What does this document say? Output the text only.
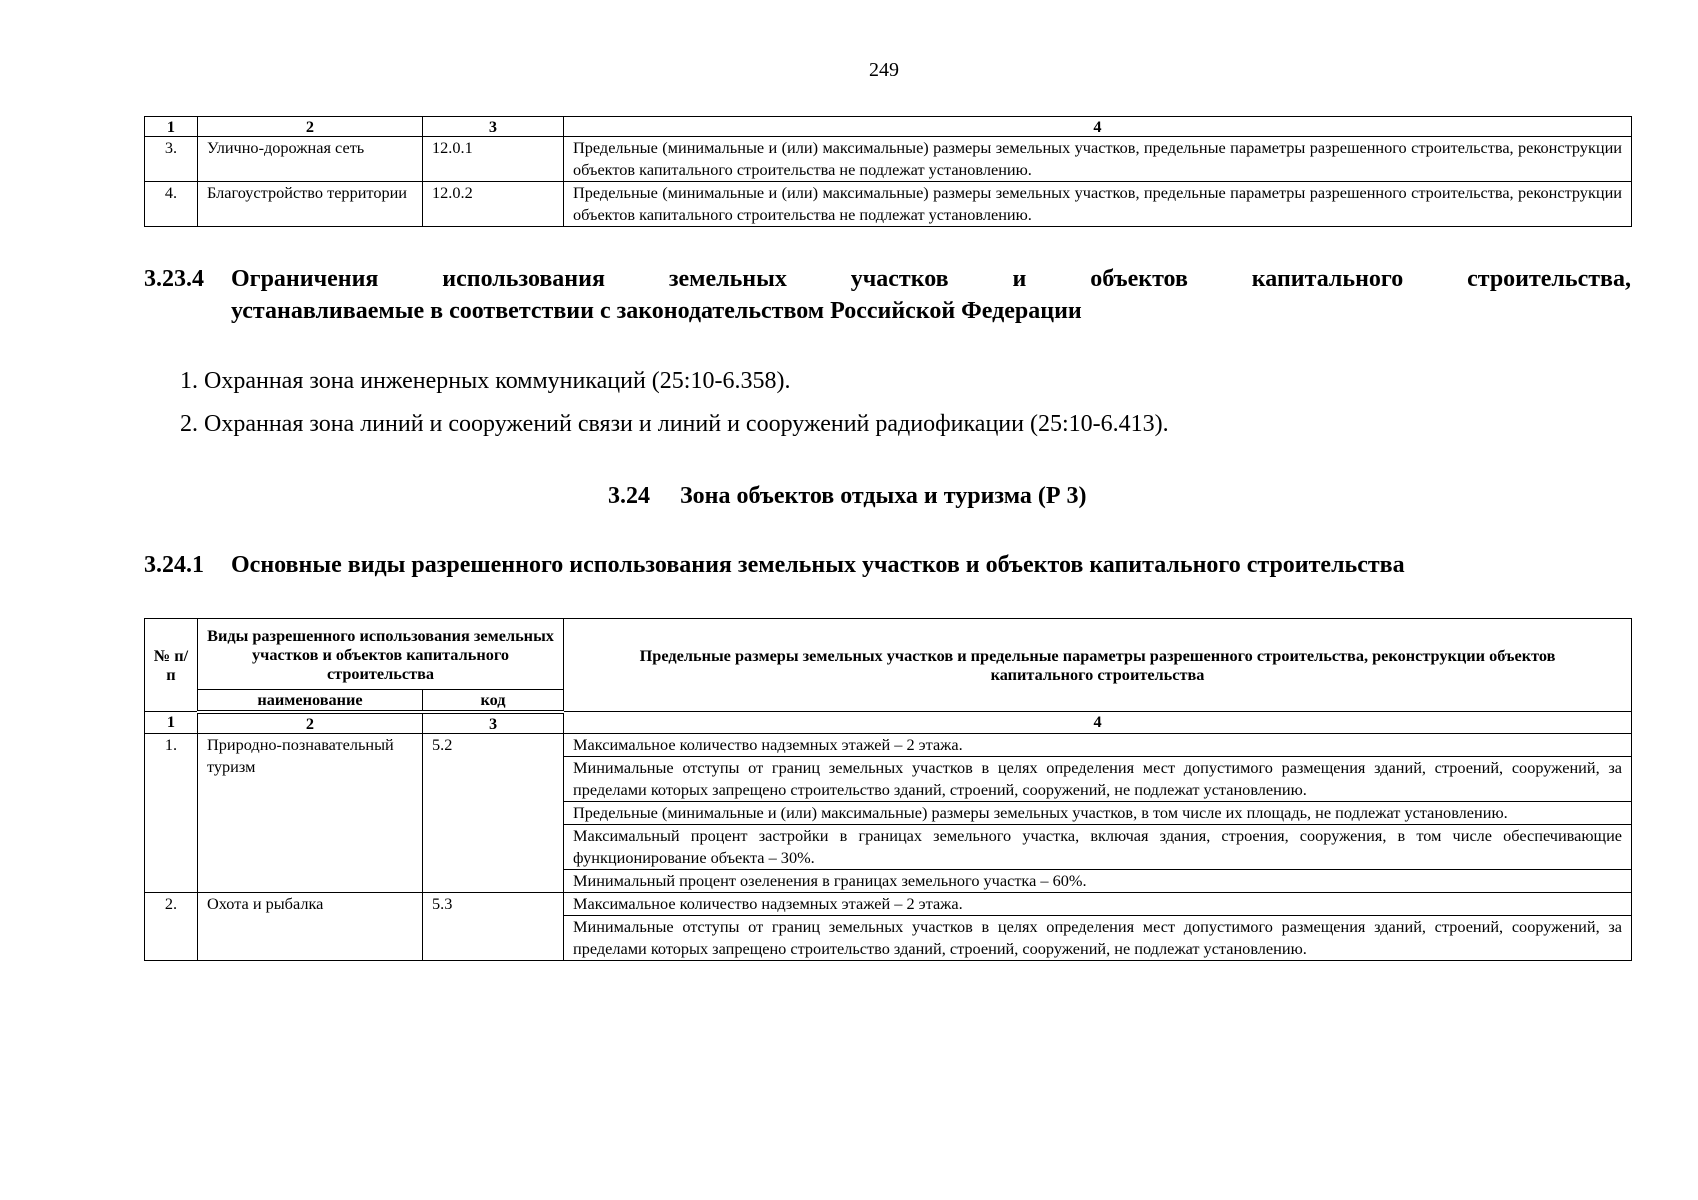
249
1	2	3	4
3.	Улично-дорожная сеть	12.0.1	Предельные (минимальные и (или) максимальные) размеры земельных участков, предельные параметры разрешенного строительства, реконструкции объектов капитального строительства не подлежат установлению.
4.	Благоустройство территории	12.0.2	Предельные (минимальные и (или) максимальные) размеры земельных участков, предельные параметры разрешенного строительства, реконструкции объектов капитального строительства не подлежат установлению.
3.23.4 Ограничения использования земельных участков и объектов капитального строительства,
устанавливаемые в соответствии с законодательством Российской Федерации
1. Охранная зона инженерных коммуникаций (25:10-6.358).
2. Охранная зона линий и сооружений связи и линий и сооружений радиофикации (25:10-6.413).
3.24 Зона объектов отдыха и туризма (Р 3)
3.24.1 Основные виды разрешенного использования земельных участков и объектов капитального строительства
№ п/п	Виды разрешенного использования земельных участков и объектов капитального строительства		Предельные размеры земельных участков и предельные параметры разрешенного строительства, реконструкции объектов капитального строительства
	наименование	код	
1	2	3	4
1.	Природно-познавательный туризм	5.2	Максимальное количество надземных этажей – 2 этажа.
			Минимальные отступы от границ земельных участков в целях определения мест допустимого размещения зданий, строений, сооружений, за пределами которых запрещено строительство зданий, строений, сооружений, не подлежат установлению.
			Предельные (минимальные и (или) максимальные) размеры земельных участков, в том числе их площадь, не подлежат установлению.
			Максимальный процент застройки в границах земельного участка, включая здания, строения, сооружения, в том числе обеспечивающие функционирование объекта – 30%.
			Минимальный процент озеленения в границах земельного участка – 60%.
2.	Охота и рыбалка	5.3	Максимальное количество надземных этажей – 2 этажа.
			Минимальные отступы от границ земельных участков в целях определения мест допустимого размещения зданий, строений, сооружений, за пределами которых запрещено строительство зданий, строений, сооружений, не подлежат установлению.
